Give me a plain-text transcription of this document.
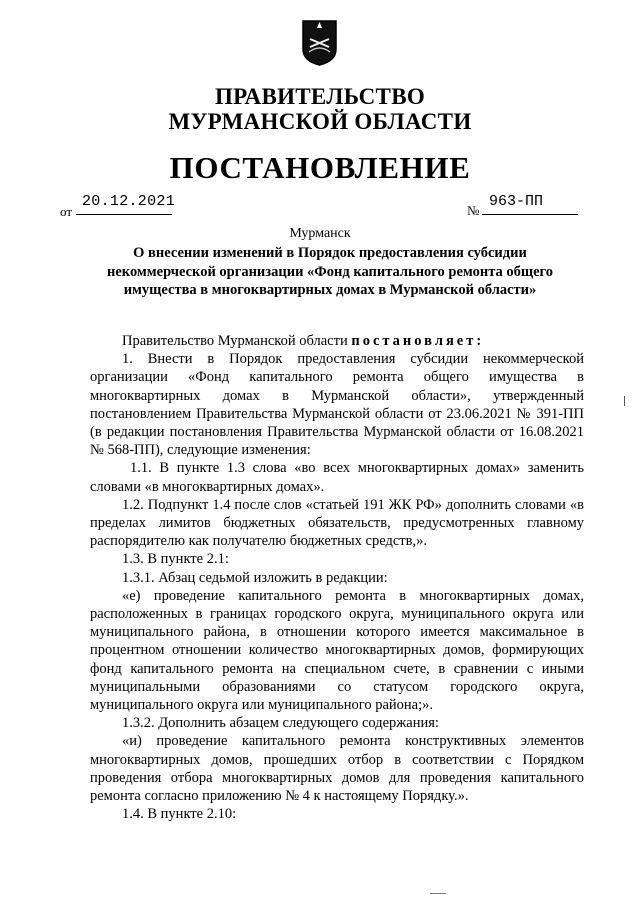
ПРАВИТЕЛЬСТВО
МУРМАНСКОЙ ОБЛАСТИ
ПОСТАНОВЛЕНИЕ
от
20.12.2021
№
963-ПП
Мурманск
О внесении изменений в Порядок предоставления субсидии
некоммерческой организации «Фонд капитального ремонта общего
имущества в многоквартирных домах в Мурманской области»

Правительство Мурманской области постановляет:

1. Внести в Порядок предоставления субсидии некоммерческой организации «Фонд капитального ремонта общего имущества в многоквартирных домах в Мурманской области», утвержденный постановлением Правительства Мурманской области от 23.06.2021 № 391-ПП (в редакции постановления Правительства Мурманской области от 16.08.2021 № 568-ПП), следующие изменения:

1.1. В пункте 1.3 слова «во всех многоквартирных домах» заменить словами «в многоквартирных домах».

1.2. Подпункт 1.4 после слов «статьей 191 ЖК РФ» дополнить словами «в пределах лимитов бюджетных обязательств, предусмотренных главному распорядителю как получателю бюджетных средств,».

1.3. В пункте 2.1:

1.3.1. Абзац седьмой изложить в редакции:

«е) проведение капитального ремонта в многоквартирных домах, расположенных в границах городского округа, муниципального округа или муниципального района, в отношении которого имеется максимальное в процентном отношении количество многоквартирных домов, формирующих фонд капитального ремонта на специальном счете, в сравнении с иными муниципальными образованиями со статусом городского округа, муниципального округа или муниципального района;».

1.3.2. Дополнить абзацем следующего содержания:

«и) проведение капитального ремонта конструктивных элементов многоквартирных домов, прошедших отбор в соответствии с Порядком проведения отбора многоквартирных домов для проведения капитального ремонта согласно приложению № 4 к настоящему Порядку.».

1.4. В пункте 2.10:
